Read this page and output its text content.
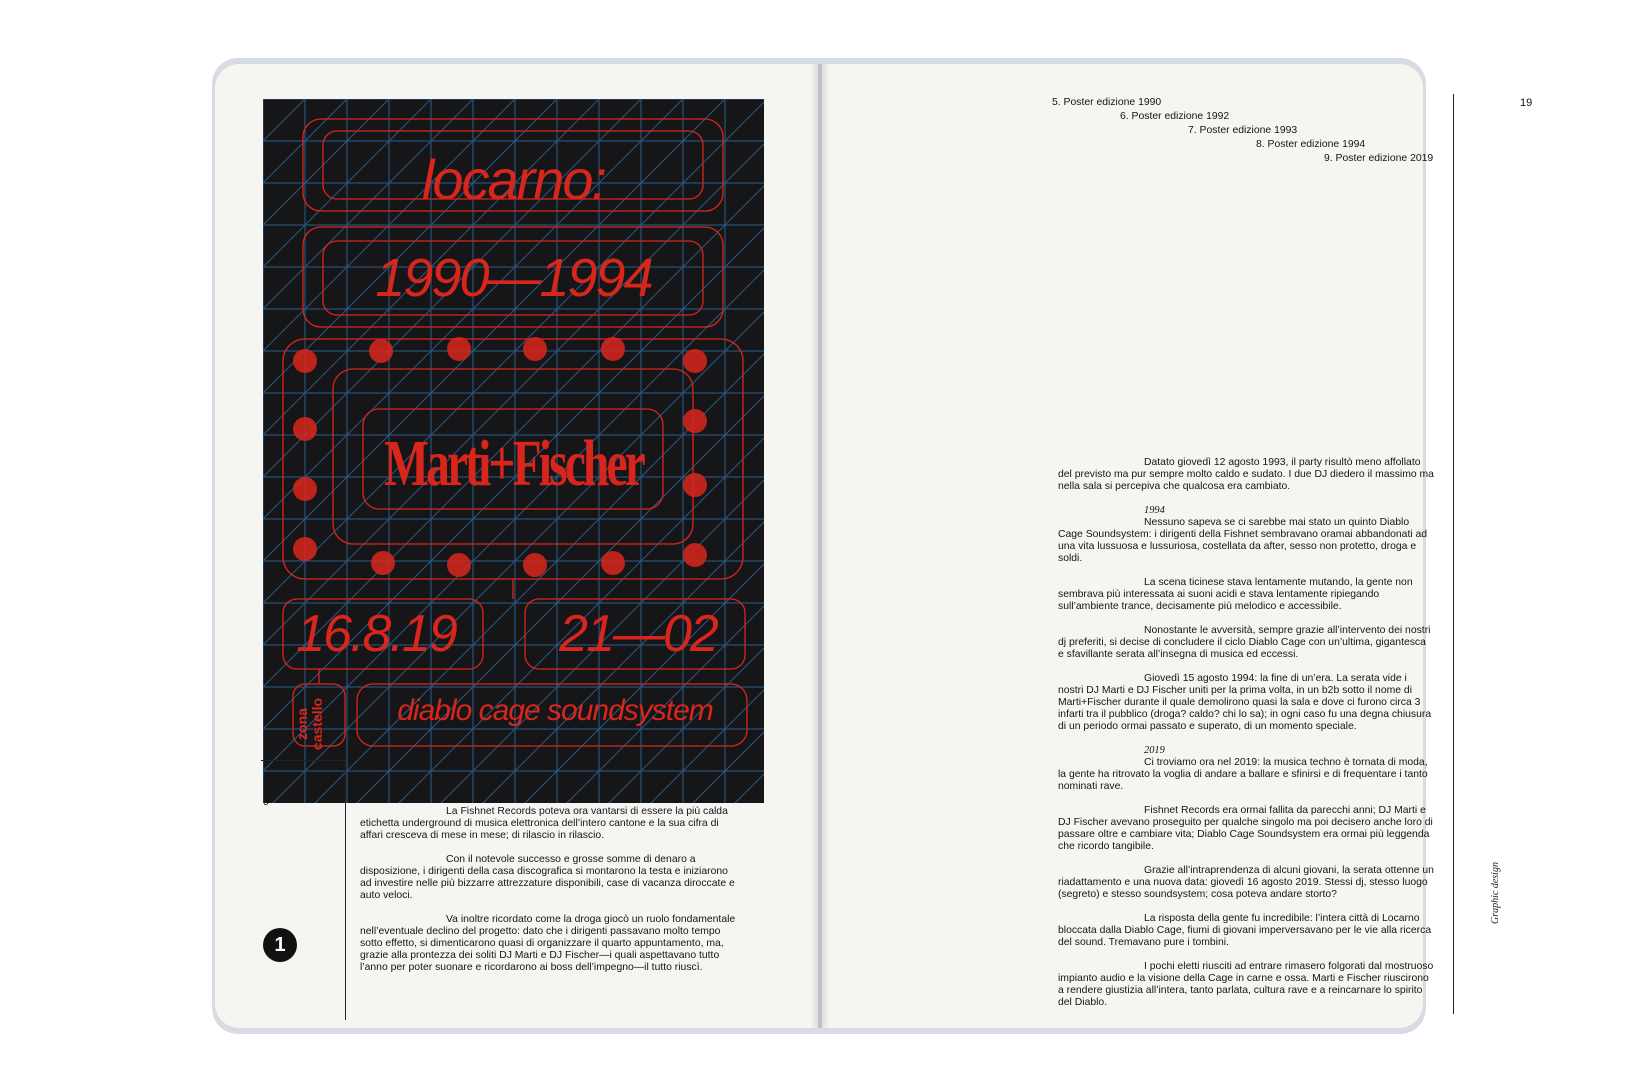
locarno:
1990—1994
Marti+Fischer
16.8.19	21—02
zona castello	diablo cage soundsystem
9
1
1993

La Fishnet Records poteva ora vantarsi di essere la più calda etichetta underground di musica elettronica dell’intero cantone e la sua cifra di affari cresceva di mese in mese; di rilascio in rilascio.

Con il notevole successo e grosse somme di denaro a disposizione, i dirigenti della casa discografica si montarono la testa e iniziarono ad investire nelle più bizzarre attrezzature disponibili, case di vacanza diroccate e auto veloci.

Va inoltre ricordato come la droga giocò un ruolo fondamentale nell’eventuale declino del progetto: dato che i dirigenti passavano molto tempo sotto effetto, si dimenticarono quasi di organizzare il quarto appuntamento, ma, grazie alla prontezza dei soliti DJ Marti e DJ Fischer—i quali aspettavano tutto l’anno per poter suonare e ricordarono ai boss dell’impegno—il tutto riuscì.

5. Poster edizione 1990
6. Poster edizione 1992
7. Poster edizione 1993
8. Poster edizione 1994
9. Poster edizione 2019
19

Datato giovedì 12 agosto 1993, il party risultò meno affollato del previsto ma pur sempre molto caldo e sudato. I due DJ diedero il massimo ma nella sala si percepiva che qualcosa era cambiato.

1994

Nessuno sapeva se ci sarebbe mai stato un quinto Diablo Cage Soundsystem: i dirigenti della Fishnet sembravano oramai abbandonati ad una vita lussuosa e lussuriosa, costellata da after, sesso non protetto, droga e soldi.

La scena ticinese stava lentamente mutando, la gente non sembrava più interessata ai suoni acidi e stava lentamente ripiegando sull’ambiente trance, decisamente più melodico e accessibile.

Nonostante le avversità, sempre grazie all’intervento dei nostri dj preferiti, si decise di concludere il ciclo Diablo Cage con un’ultima, gigantesca e sfavillante serata all’insegna di musica ed eccessi.

Giovedì 15 agosto 1994: la fine di un’era. La serata vide i nostri DJ Marti e DJ Fischer uniti per la prima volta, in un b2b sotto il nome di Marti+Fischer durante il quale demolirono quasi la sala e dove ci furono circa 3 infarti tra il pubblico (droga? caldo? chi lo sa); in ogni caso fu una degna chiusura di un periodo ormai passato e superato, di un momento speciale.

2019

Ci troviamo ora nel 2019: la musica techno è tornata di moda, la gente ha ritrovato la voglia di andare a ballare e sfinirsi e di frequentare i tanto nominati rave.

Fishnet Records era ormai fallita da parecchi anni; DJ Marti e DJ Fischer avevano proseguito per qualche singolo ma poi decisero anche loro di passare oltre e cambiare vita; Diablo Cage Soundsystem era ormai più leggenda che ricordo tangibile.

Grazie all’intraprendenza di alcuni giovani, la serata ottenne un riadattamento e una nuova data: giovedì 16 agosto 2019. Stessi dj, stesso luogo (segreto) e stesso soundsystem; cosa poteva andare storto?

La risposta della gente fu incredibile: l’intera città di Locarno bloccata dalla Diablo Cage, fiumi di giovani imperversavano per le vie alla ricerca del sound. Tremavano pure i tombini.

I pochi eletti riusciti ad entrare rimasero folgorati dal mostruoso impianto audio e la visione della Cage in carne e ossa. Marti e Fischer riuscirono a rendere giustizia all’intera, tanto parlata, cultura rave e a reincarnare lo spirito del Diablo.

Graphic design
